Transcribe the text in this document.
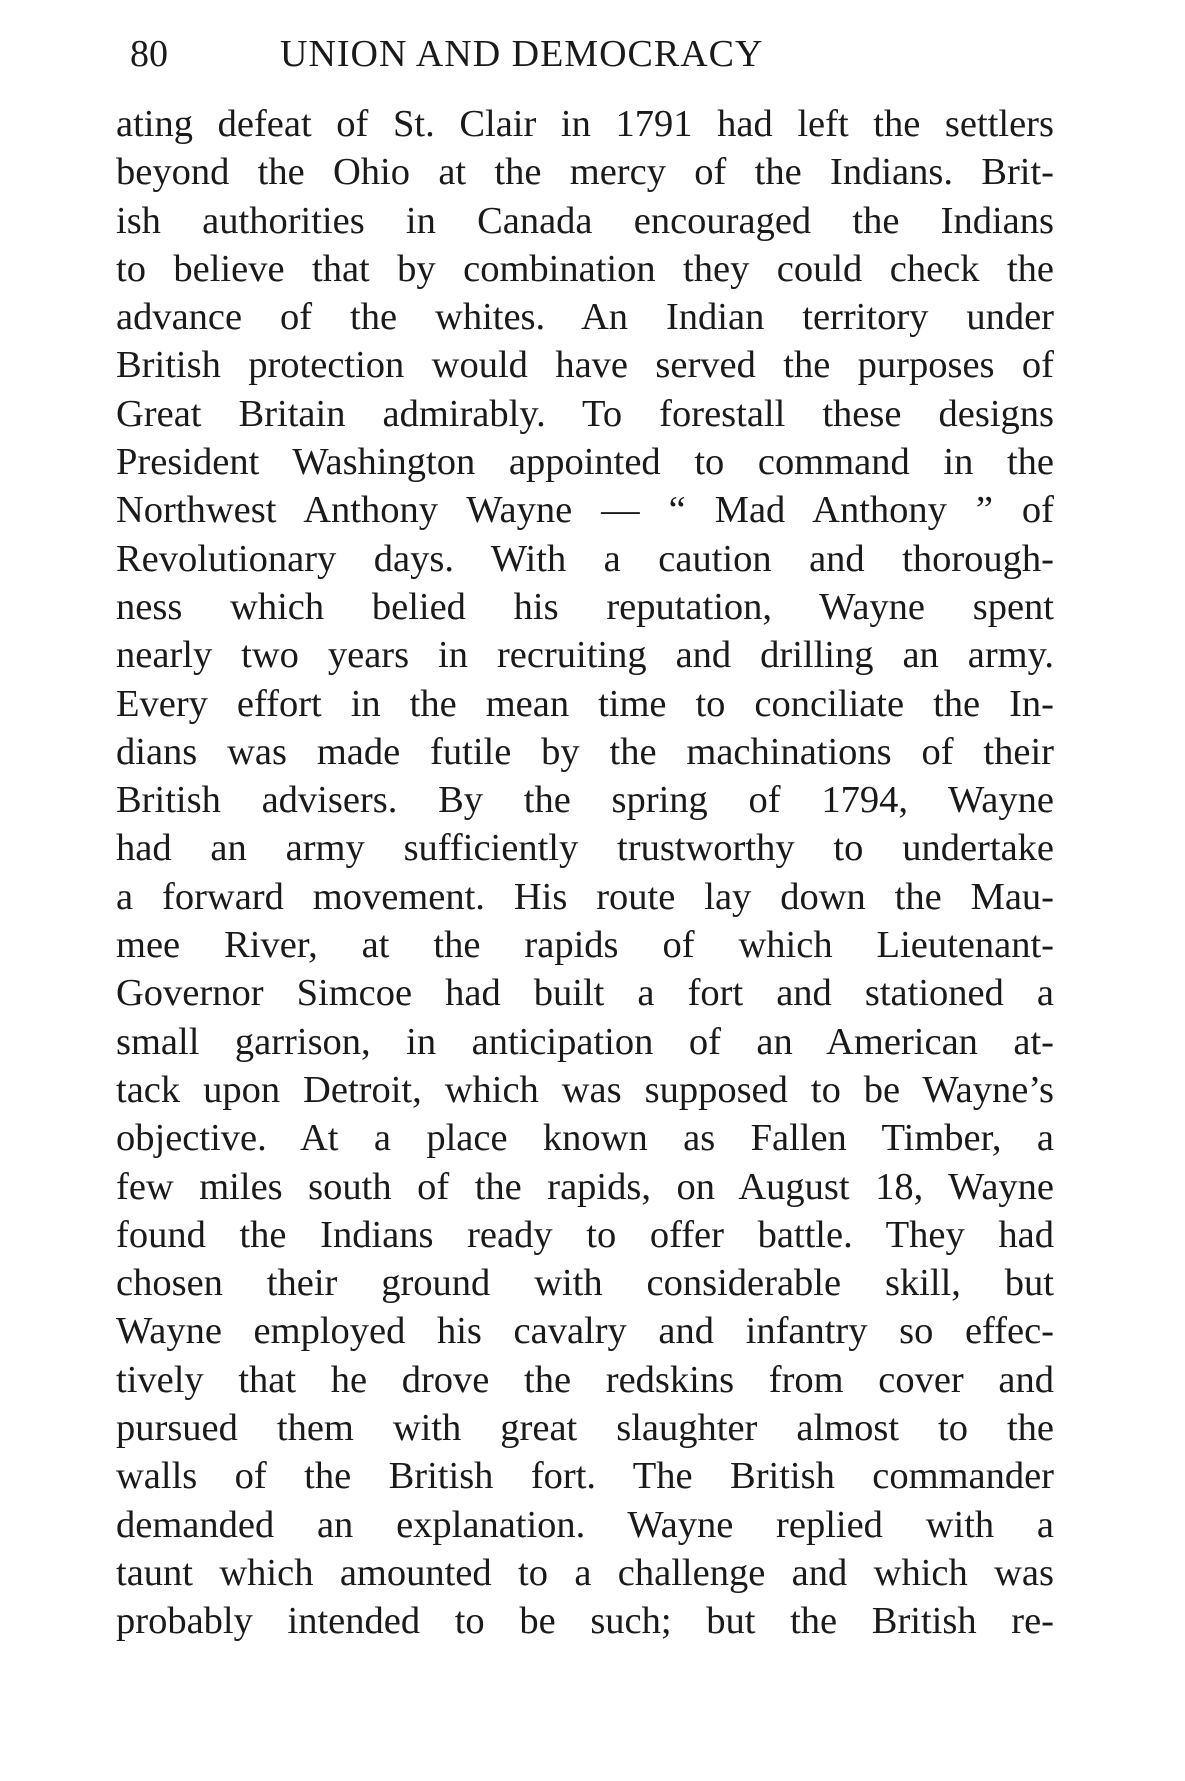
80	UNION AND DEMOCRACY
ating defeat of St. Clair in 1791 had left the settlers
beyond the Ohio at the mercy of the Indians. Brit-
ish authorities in Canada encouraged the Indians
to believe that by combination they could check the
advance of the whites. An Indian territory under
British protection would have served the purposes of
Great Britain admirably. To forestall these designs
President Washington appointed to command in the
Northwest Anthony Wayne — “ Mad Anthony ” of
Revolutionary days. With a caution and thorough-
ness which belied his reputation, Wayne spent
nearly two years in recruiting and drilling an army.
Every effort in the mean time to conciliate the In-
dians was made futile by the machinations of their
British advisers. By the spring of 1794, Wayne
had an army sufficiently trustworthy to undertake
a forward movement. His route lay down the Mau-
mee River, at the rapids of which Lieutenant-
Governor Simcoe had built a fort and stationed a
small garrison, in anticipation of an American at-
tack upon Detroit, which was supposed to be Wayne’s
objective. At a place known as Fallen Timber, a
few miles south of the rapids, on August 18, Wayne
found the Indians ready to offer battle. They had
chosen their ground with considerable skill, but
Wayne employed his cavalry and infantry so effec-
tively that he drove the redskins from cover and
pursued them with great slaughter almost to the
walls of the British fort. The British commander
demanded an explanation. Wayne replied with a
taunt which amounted to a challenge and which was
probably intended to be such; but the British re-
